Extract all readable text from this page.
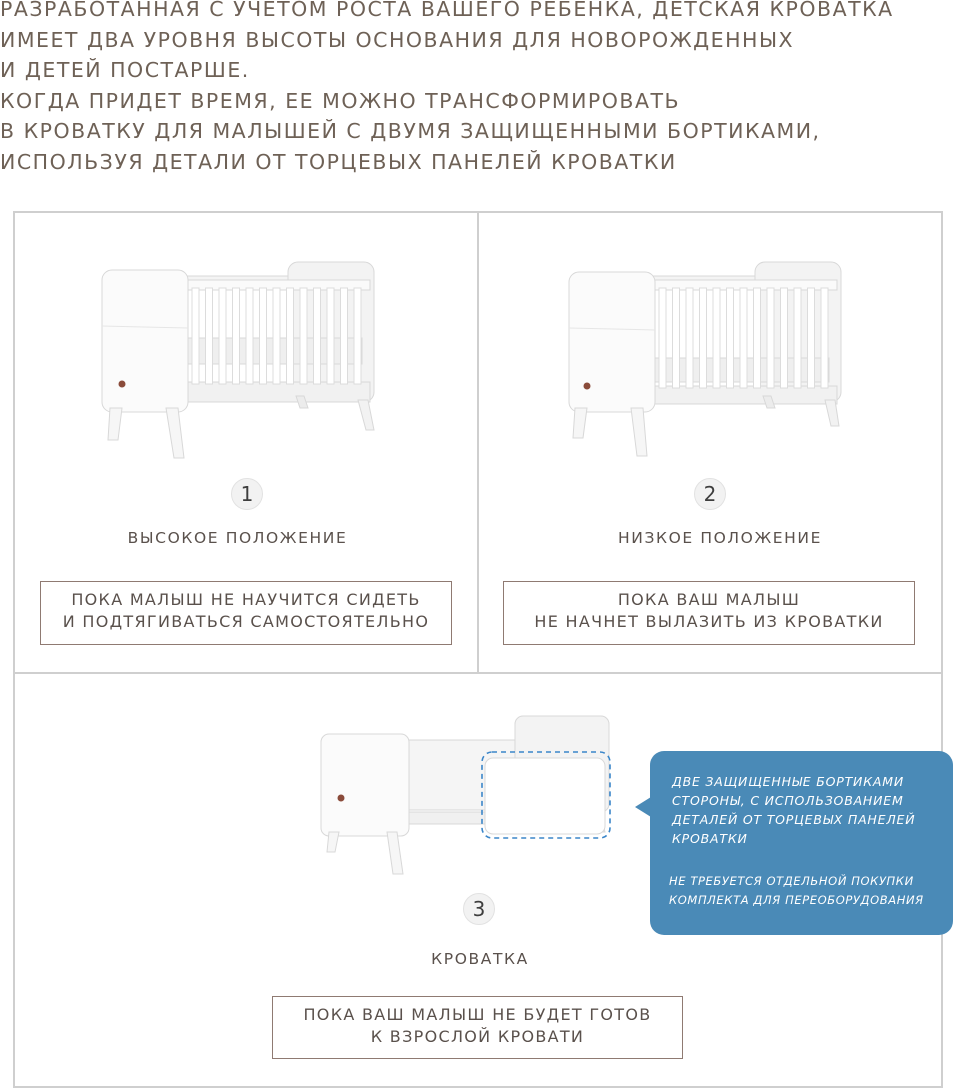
РАЗРАБОТАННАЯ С УЧЕТОМ РОСТА ВАШЕГО РЕБЕНКА, ДЕТСКАЯ КРОВАТКА
ИМЕЕТ ДВА УРОВНЯ ВЫСОТЫ ОСНОВАНИЯ ДЛЯ НОВОРОЖДЕННЫХ
И ДЕТЕЙ ПОСТАРШЕ.
КОГДА ПРИДЕТ ВРЕМЯ, ЕЕ МОЖНО ТРАНСФОРМИРОВАТЬ
В КРОВАТКУ ДЛЯ МАЛЫШЕЙ С ДВУМЯ ЗАЩИЩЕННЫМИ БОРТИКАМИ,
ИСПОЛЬЗУЯ ДЕТАЛИ ОТ ТОРЦЕВЫХ ПАНЕЛЕЙ КРОВАТКИ
1
ВЫСОКОЕ ПОЛОЖЕНИЕ
ПОКА МАЛЫШ НЕ НАУЧИТСЯ СИДЕТЬ
И ПОДТЯГИВАТЬСЯ САМОСТОЯТЕЛЬНО
2
НИЗКОЕ ПОЛОЖЕНИЕ
ПОКА ВАШ МАЛЫШ
НЕ НАЧНЕТ ВЫЛАЗИТЬ ИЗ КРОВАТКИ
3
КРОВАТКА
ПОКА ВАШ МАЛЫШ НЕ БУДЕТ ГОТОВ
К ВЗРОСЛОЙ КРОВАТИ

ДВЕ ЗАЩИЩЕННЫЕ БОРТИКАМИ
СТОРОНЫ, С ИСПОЛЬЗОВАНИЕМ
ДЕТАЛЕЙ ОТ ТОРЦЕВЫХ ПАНЕЛЕЙ
КРОВАТКИ

НЕ ТРЕБУЕТСЯ ОТДЕЛЬНОЙ ПОКУПКИ
КОМПЛЕКТА ДЛЯ ПЕРЕОБОРУДОВАНИЯ
